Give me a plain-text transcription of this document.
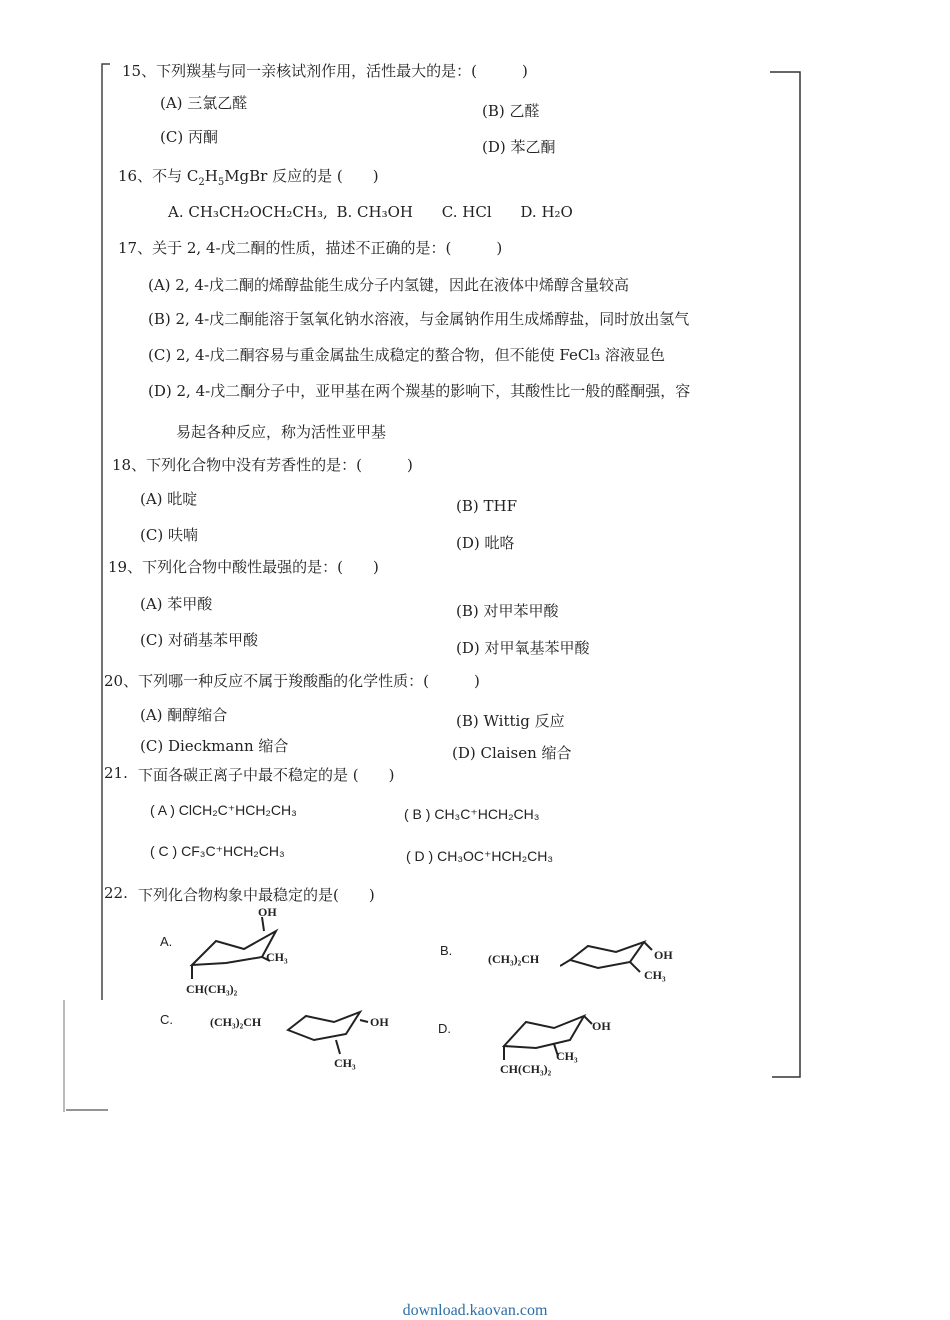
15、下列羰基与同一亲核试剂作用，活性最大的是：(　　　)
(A) 三氯乙醛	(B) 乙醛
(C) 丙酮
(D) 苯乙酮
16、不与 $C_2H_5MgBr$ 反应的是 (　　)
A. CH₃CH₂OCH₂CH₃, B. CH₃OH C. HCl D. H₂O
17、关于 2, 4-戊二酮的性质，描述不正确的是：(　　　)
(A) 2, 4-戊二酮的烯醇盐能生成分子内氢键，因此在液体中烯醇含量较高
(B) 2, 4-戊二酮能溶于氢氧化钠水溶液，与金属钠作用生成烯醇盐，同时放出氢气
(C) 2, 4-戊二酮容易与重金属盐生成稳定的螯合物，但不能使 FeCl₃ 溶液显色
(D) 2, 4-戊二酮分子中，亚甲基在两个羰基的影响下，其酸性比一般的醛酮强，容
易起各种反应，称为活性亚甲基
18、下列化合物中没有芳香性的是：(　　　)
(A) 吡啶	(B) THF
(C) 呋喃	(D) 吡咯
19、下列化合物中酸性最强的是：(　　)
(A) 苯甲酸	(B) 对甲苯甲酸
(C) 对硝基苯甲酸	(D) 对甲氧基苯甲酸
20、下列哪一种反应不属于羧酸酯的化学性质：(　　　)
(A) 酮醇缩合	(B) Wittig 反应
(C) Dieckmann 缩合	(D) Claisen 缩合
21. 下面各碳正离子中最不稳定的是 (　　)
( A ) ClCH₂C⁺HCH₂CH₃	( B ) CH₃C⁺HCH₂CH₃
( C ) CF₃C⁺HCH₂CH₃	( D ) CH₃OC⁺HCH₂CH₃
22. 下列化合物构象中最稳定的是(　　)
A.
OH
CH₃
CH(CH₃)₂
B.
(CH₃)₂CH	OH
CH₃
C.	(CH₃)₂CH	OH
CH₃
D.	OH
CH₃
CH(CH₃)₂
download.kaovan.com
